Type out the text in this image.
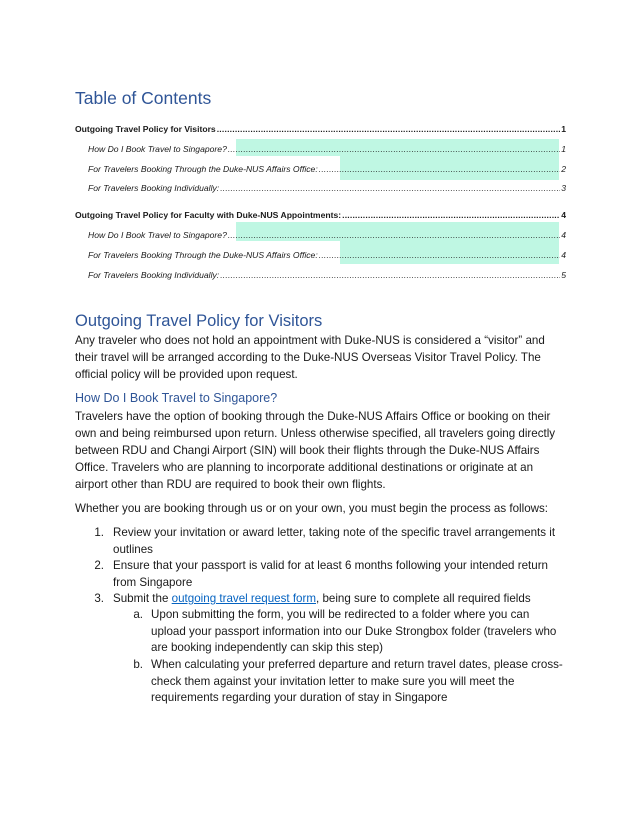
Table of Contents
Outgoing Travel Policy for Visitors .....	1
How Do I Book Travel to Singapore? .....	1
For Travelers Booking Through the Duke-NUS Affairs Office: .....	2
For Travelers Booking Individually: .....	3
Outgoing Travel Policy for Faculty with Duke-NUS Appointments: .....	4
How Do I Book Travel to Singapore? .....	4
For Travelers Booking Through the Duke-NUS Affairs Office: .....	4
For Travelers Booking Individually: .....	5
Outgoing Travel Policy for Visitors
Any traveler who does not hold an appointment with Duke-NUS is considered a “visitor” and
their travel will be arranged according to the Duke-NUS Overseas Visitor Travel Policy. The
official policy will be provided upon request.
How Do I Book Travel to Singapore?
Travelers have the option of booking through the Duke-NUS Affairs Office or booking on their
own and being reimbursed upon return. Unless otherwise specified, all travelers going directly
between RDU and Changi Airport (SIN) will book their flights through the Duke-NUS Affairs
Office. Travelers who are planning to incorporate additional destinations or originate at an
airport other than RDU are required to book their own flights.
Whether you are booking through us or on your own, you must begin the process as follows:
1. Review your invitation or award letter, taking note of the specific travel arrangements it
outlines
2. Ensure that your passport is valid for at least 6 months following your intended return
from Singapore
3. Submit the outgoing travel request form, being sure to complete all required fields
a. Upon submitting the form, you will be redirected to a folder where you can
upload your passport information into our Duke Strongbox folder (travelers who
are booking independently can skip this step)
b. When calculating your preferred departure and return travel dates, please cross-
check them against your invitation letter to make sure you will meet the
requirements regarding your duration of stay in Singapore
